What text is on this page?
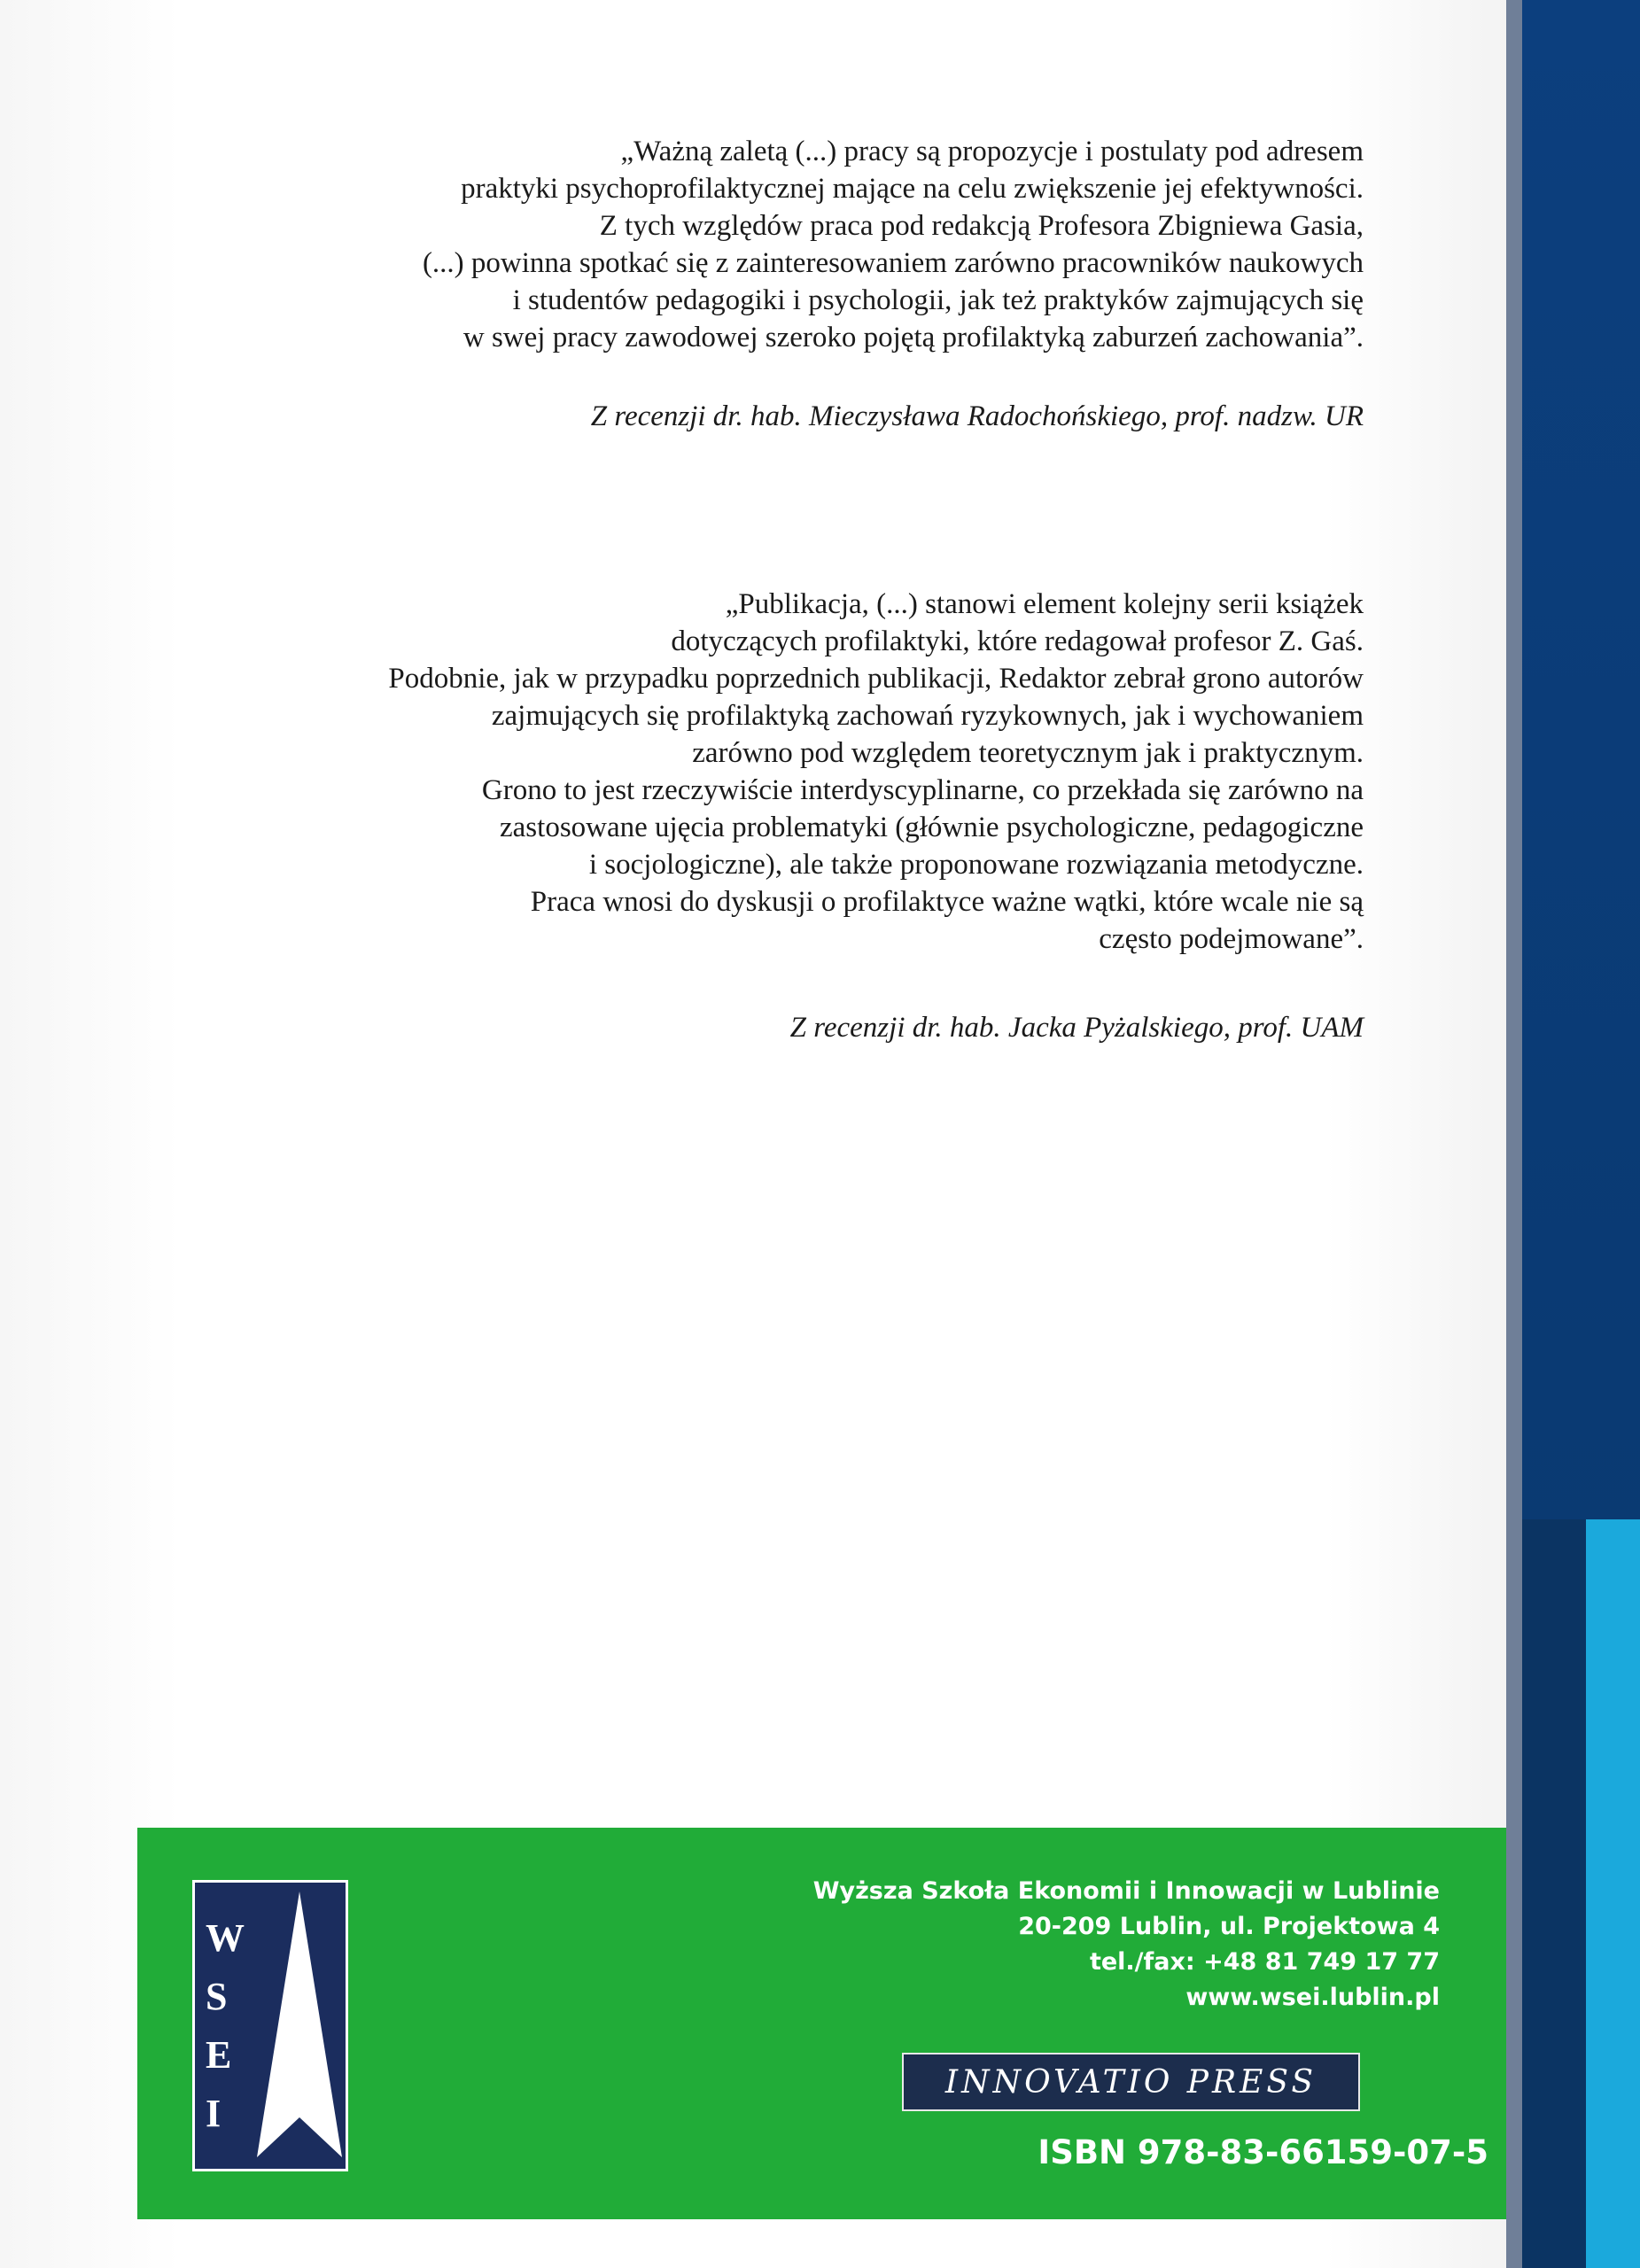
„Ważną zaletą (...) pracy są propozycje i postulaty pod adresem
praktyki psychoprofilaktycznej mające na celu zwiększenie jej efektywności.
Z tych względów praca pod redakcją Profesora Zbigniewa Gasia,
(...) powinna spotkać się z zainteresowaniem zarówno pracowników naukowych
i studentów pedagogiki i psychologii, jak też praktyków zajmujących się
w swej pracy zawodowej szeroko pojętą profilaktyką zaburzeń zachowania”.
Z recenzji dr. hab. Mieczysława Radochońskiego, prof. nadzw. UR
„Publikacja, (...) stanowi element kolejny serii książek
dotyczących profilaktyki, które redagował profesor Z. Gaś.
Podobnie, jak w przypadku poprzednich publikacji, Redaktor zebrał grono autorów
zajmujących się profilaktyką zachowań ryzykownych, jak i wychowaniem
zarówno pod względem teoretycznym jak i praktycznym.
Grono to jest rzeczywiście interdyscyplinarne, co przekłada się zarówno na
zastosowane ujęcia problematyki (głównie psychologiczne, pedagogiczne
i socjologiczne), ale także proponowane rozwiązania metodyczne.
Praca wnosi do dyskusji o profilaktyce ważne wątki, które wcale nie są
często podejmowane”.
Z recenzji dr. hab. Jacka Pyżalskiego, prof. UAM
W
S
E
I
Wyższa Szkoła Ekonomii i Innowacji w Lublinie
20-209 Lublin, ul. Projektowa 4
tel./fax: +48 81 749 17 77
www.wsei.lublin.pl
INNOVATIO PRESS
ISBN 978-83-66159-07-5
